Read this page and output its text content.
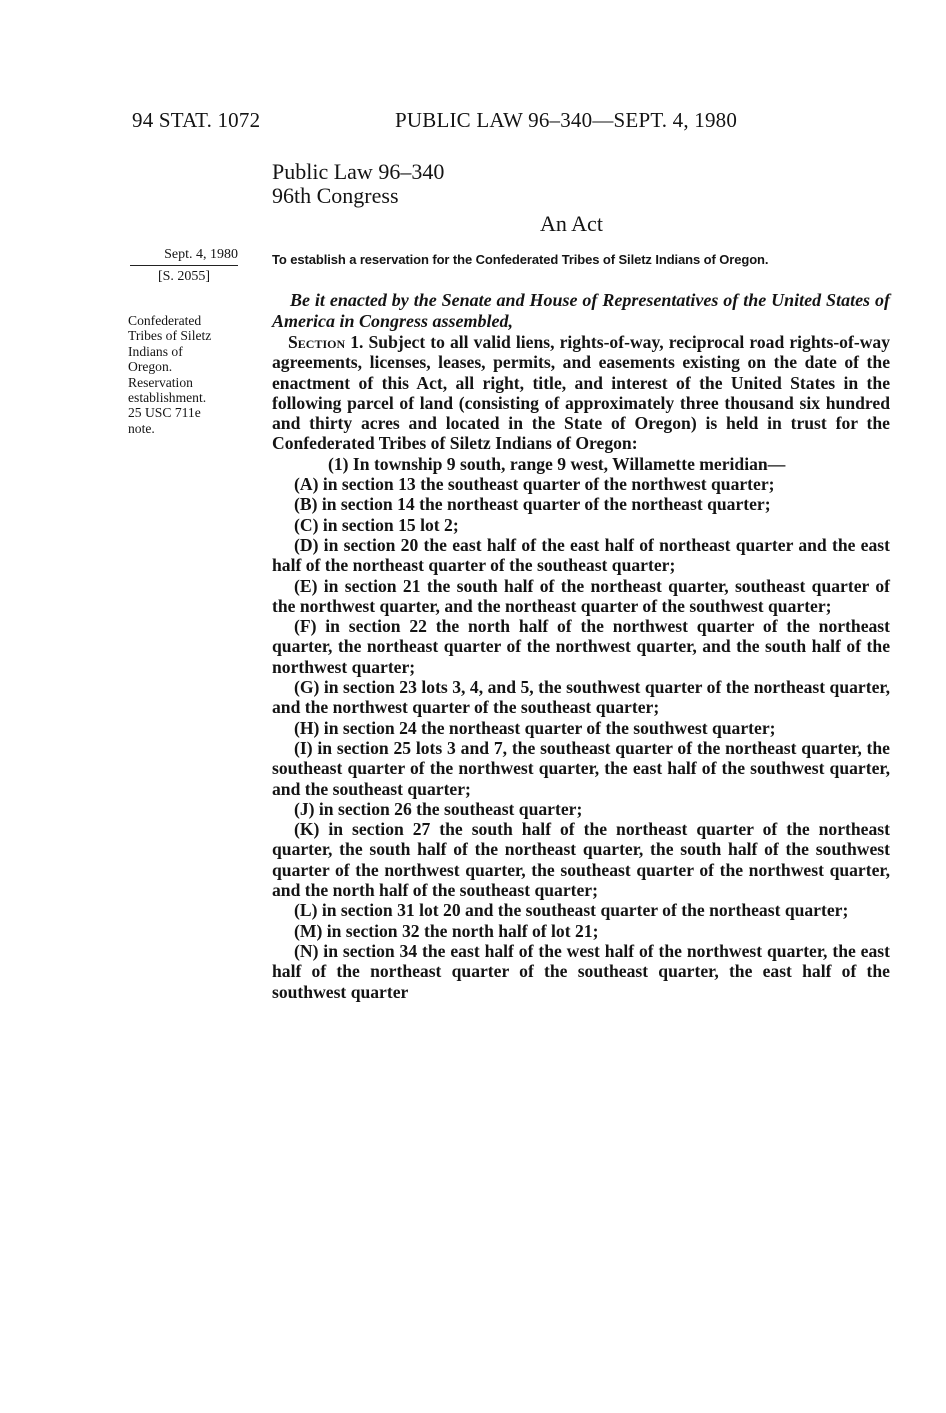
94 STAT. 1072	PUBLIC LAW 96–340—SEPT. 4, 1980
Public Law 96–340
96th Congress
An Act
Sept. 4, 1980
[S. 2055]
To establish a reservation for the Confederated Tribes of Siletz Indians of Oregon.
Confederated
Tribes of Siletz
Indians of
Oregon.
Reservation
establishment.
25 USC 711e
note.
Be it enacted by the Senate and House of Representatives of the United States of America in Congress assembled,

Section 1. Subject to all valid liens, rights-of-way, reciprocal road rights-of-way agreements, licenses, leases, permits, and easements existing on the date of the enactment of this Act, all right, title, and interest of the United States in the following parcel of land (consisting of approximately three thousand six hundred and thirty acres and located in the State of Oregon) is held in trust for the Confederated Tribes of Siletz Indians of Oregon:

(1) In township 9 south, range 9 west, Willamette meridian—

(A) in section 13 the southeast quarter of the northwest quarter;

(B) in section 14 the northeast quarter of the northeast quarter;

(C) in section 15 lot 2;

(D) in section 20 the east half of the east half of northeast quarter and the east half of the northeast quarter of the southeast quarter;

(E) in section 21 the south half of the northeast quarter, southeast quarter of the northwest quarter, and the northeast quarter of the southwest quarter;

(F) in section 22 the north half of the northwest quarter of the northeast quarter, the northeast quarter of the northwest quarter, and the south half of the northwest quarter;

(G) in section 23 lots 3, 4, and 5, the southwest quarter of the northeast quarter, and the northwest quarter of the southeast quarter;

(H) in section 24 the northeast quarter of the southwest quarter;

(I) in section 25 lots 3 and 7, the southeast quarter of the northeast quarter, the southeast quarter of the northwest quarter, the east half of the southwest quarter, and the southeast quarter;

(J) in section 26 the southeast quarter;

(K) in section 27 the south half of the northeast quarter of the northeast quarter, the south half of the northeast quarter, the south half of the southwest quarter of the northwest quarter, the southeast quarter of the northwest quarter, and the north half of the southeast quarter;

(L) in section 31 lot 20 and the southeast quarter of the northeast quarter;

(M) in section 32 the north half of lot 21;

(N) in section 34 the east half of the west half of the northwest quarter, the east half of the northeast quarter of the southeast quarter, the east half of the southwest quarter
